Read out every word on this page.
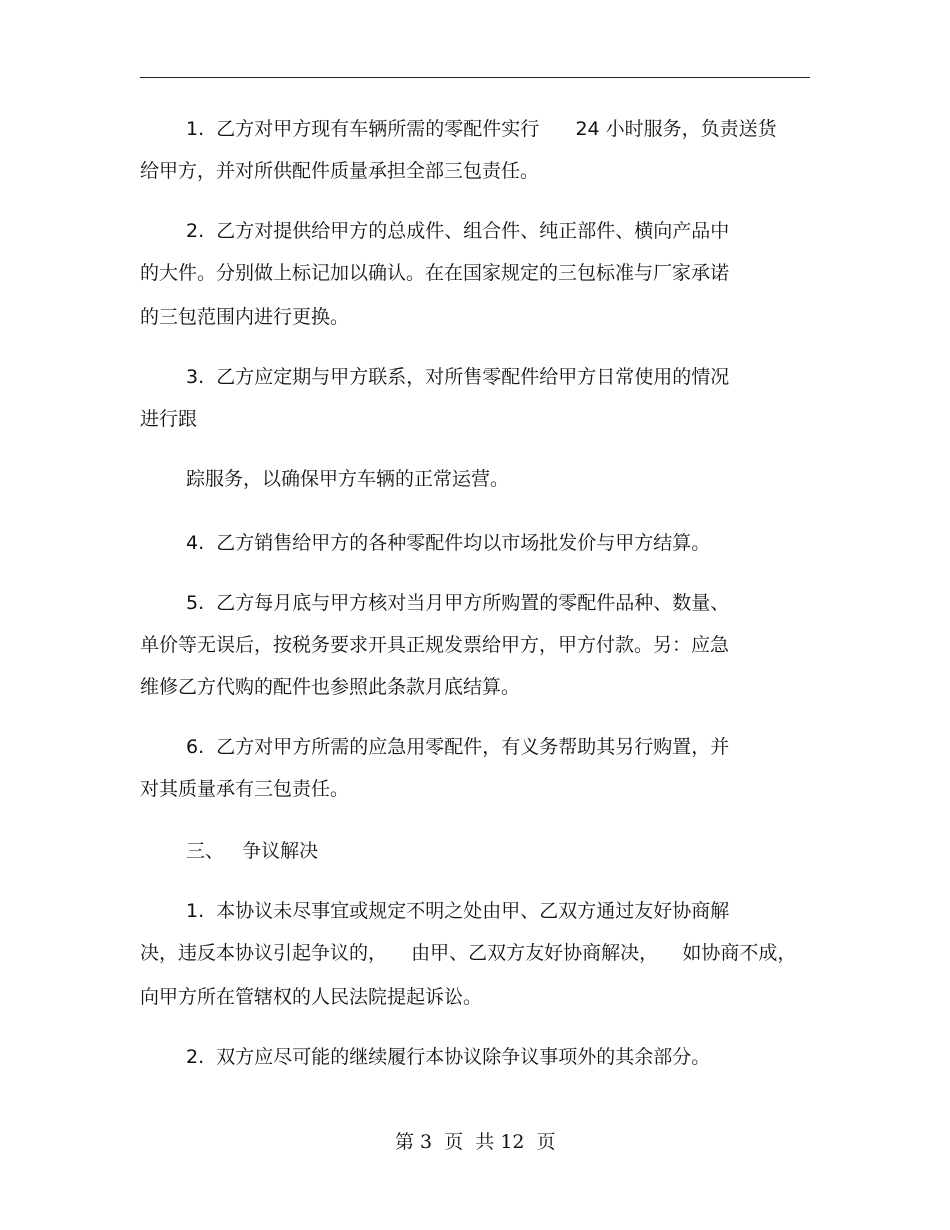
1.  乙方对甲方现有车辆所需的零配件实行      24 小时服务，负责送货

给甲方，并对所供配件质量承担全部三包责任。

2.  乙方对提供给甲方的总成件、组合件、纯正部件、横向产品中

的大件。分别做上标记加以确认。在在国家规定的三包标准与厂家承诺

的三包范围内进行更换。

3.  乙方应定期与甲方联系，对所售零配件给甲方日常使用的情况

进行跟

踪服务，以确保甲方车辆的正常运营。

4.  乙方销售给甲方的各种零配件均以市场批发价与甲方结算。

5.  乙方每月底与甲方核对当月甲方所购置的零配件品种、数量、

单价等无误后，按税务要求开具正规发票给甲方，甲方付款。另：应急

维修乙方代购的配件也参照此条款月底结算。

6.  乙方对甲方所需的应急用零配件，有义务帮助其另行购置，并

对其质量承有三包责任。

三、   争议解决

1.  本协议未尽事宜或规定不明之处由甲、乙双方通过友好协商解

决，违反本协议引起争议的，    由甲、乙双方友好协商解决，    如协商不成，

向甲方所在管辖权的人民法院提起诉讼。

2.  双方应尽可能的继续履行本协议除争议事项外的其余部分。

第 3  页  共 12  页
